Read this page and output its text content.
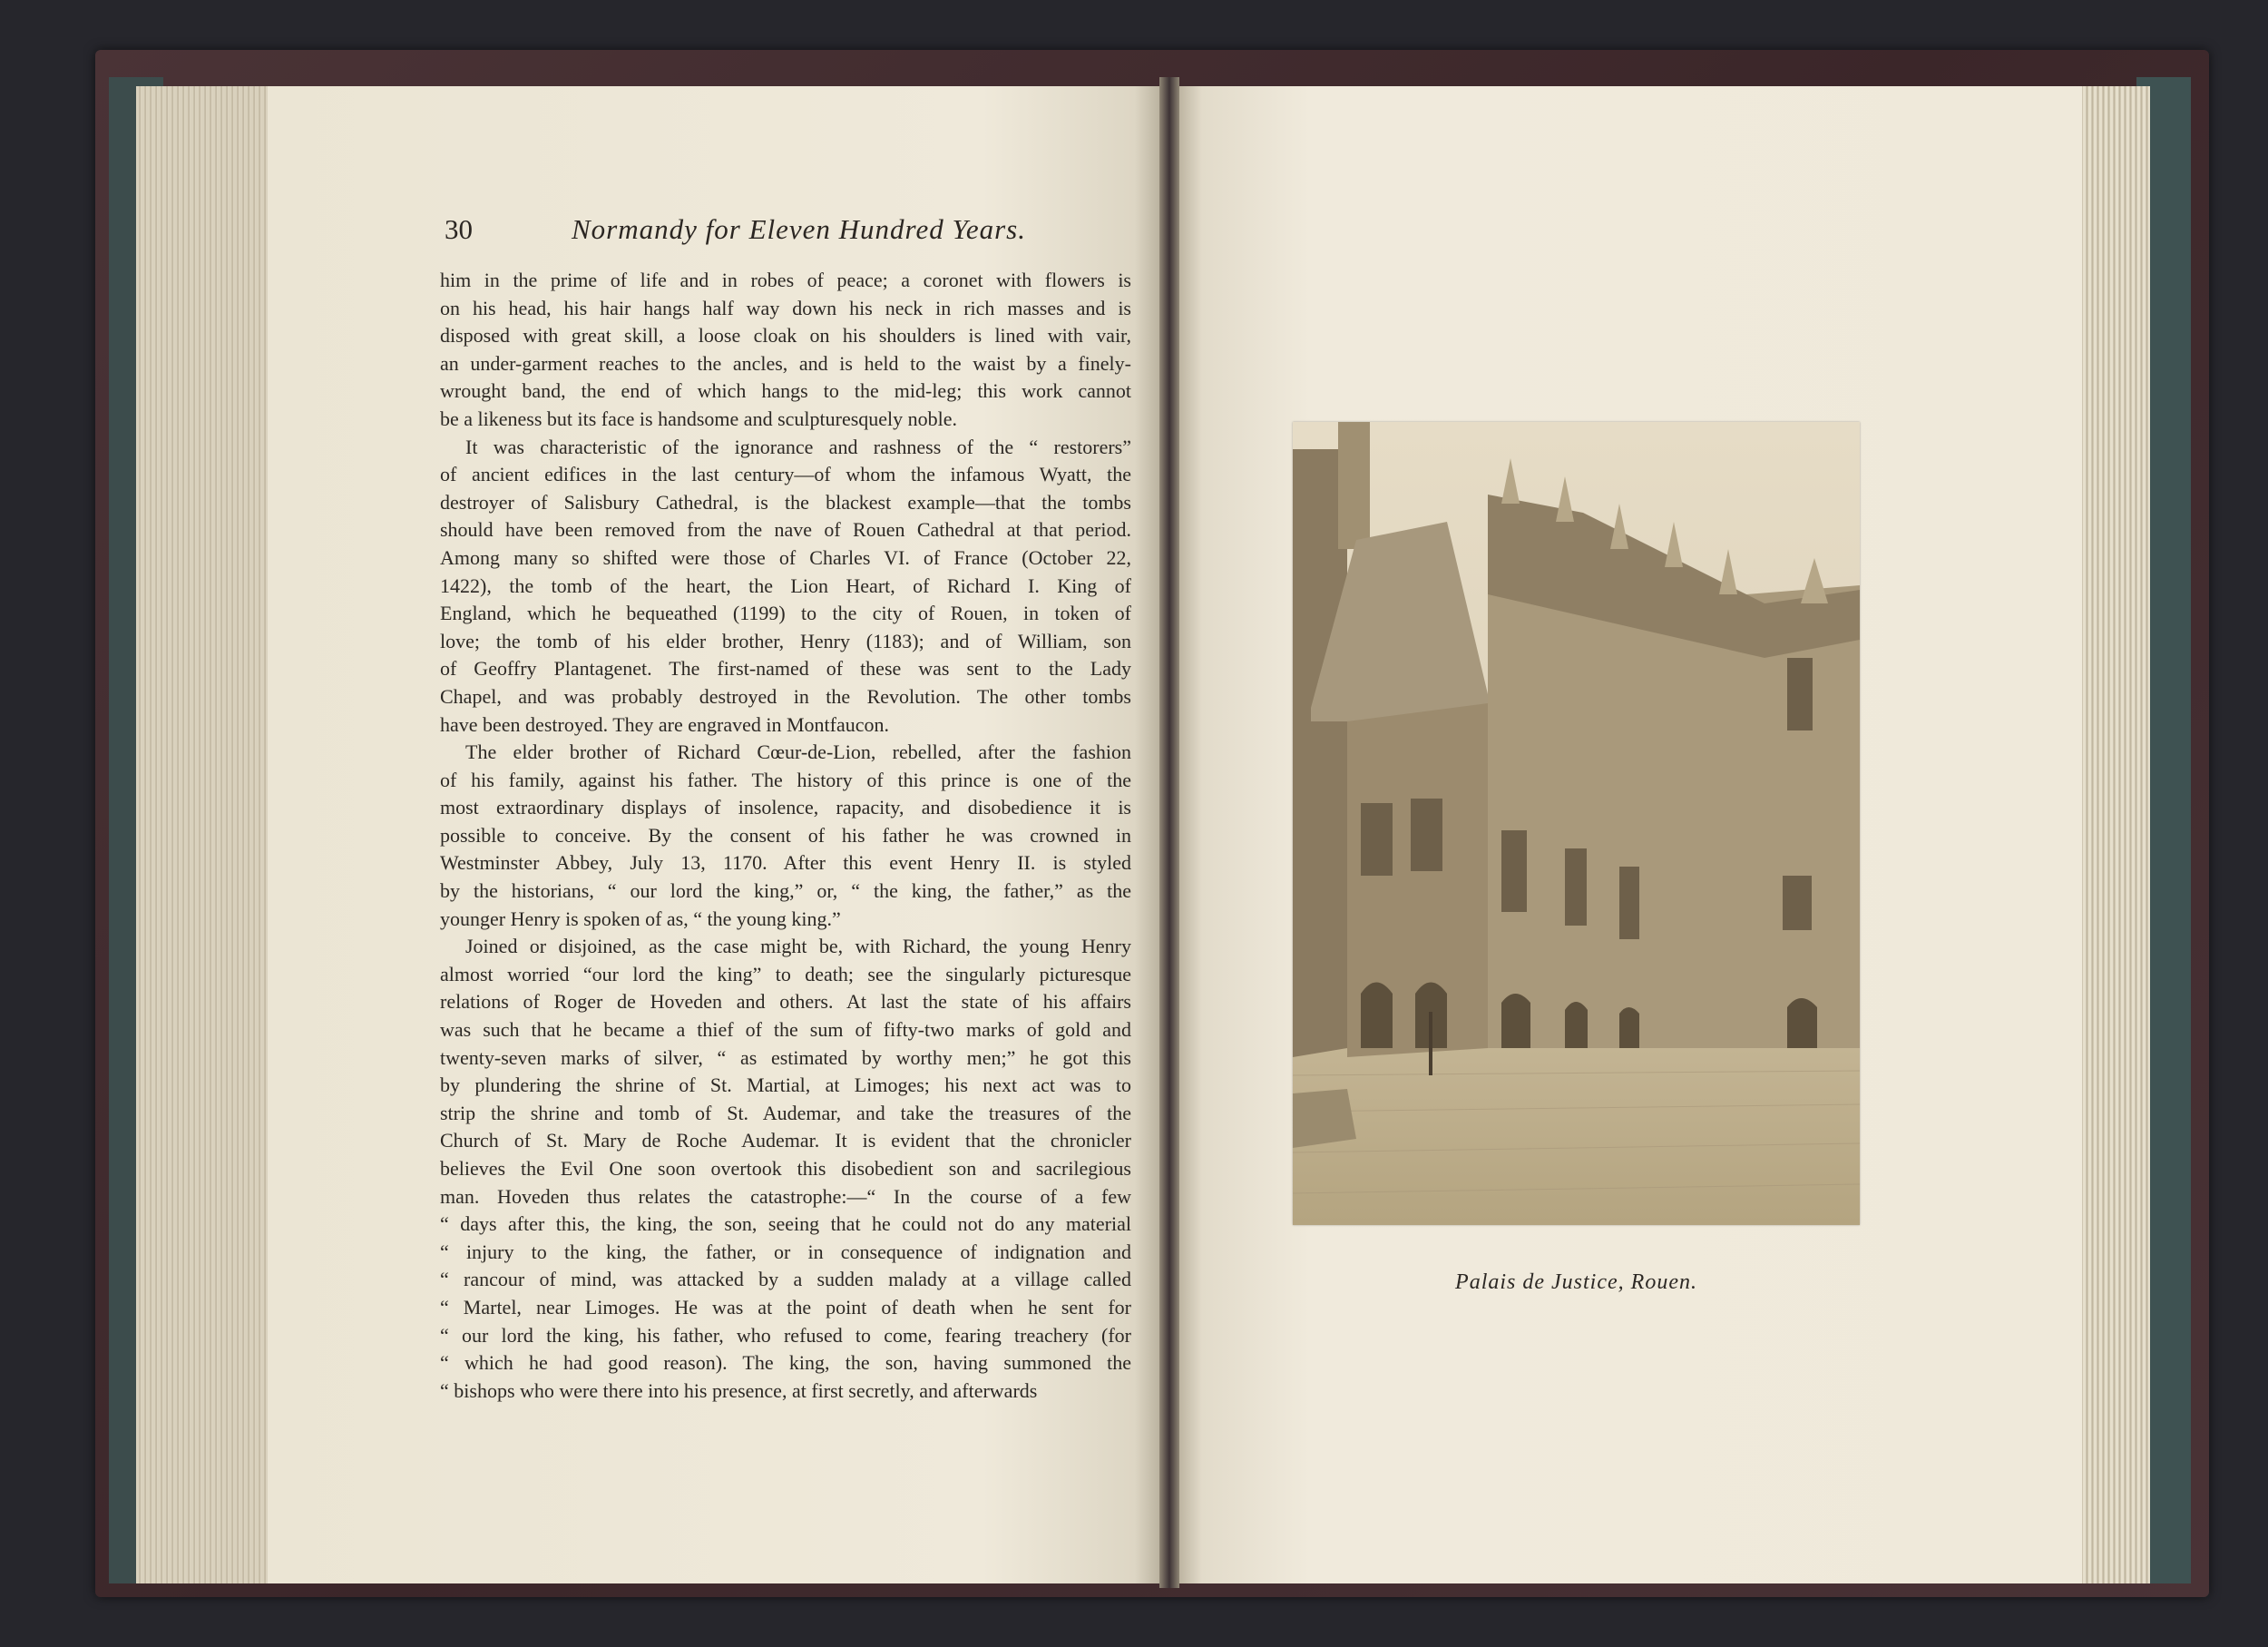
30	Normandy for Eleven Hundred Years.
him in the prime of life and in robes of peace; a coronet with flowers is
on his head, his hair hangs half way down his neck in rich masses and is
disposed with great skill, a loose cloak on his shoulders is lined with vair,
an under-garment reaches to the ancles, and is held to the waist by a finely-
wrought band, the end of which hangs to the mid-leg; this work cannot
be a likeness but its face is handsome and sculpturesquely noble.
It was characteristic of the ignorance and rashness of the “ restorers”
of ancient edifices in the last century—of whom the infamous Wyatt, the
destroyer of Salisbury Cathedral, is the blackest example—that the tombs
should have been removed from the nave of Rouen Cathedral at that period.
Among many so shifted were those of Charles VI. of France (October 22,
1422), the tomb of the heart, the Lion Heart, of Richard I. King of
England, which he bequeathed (1199) to the city of Rouen, in token of
love; the tomb of his elder brother, Henry (1183); and of William, son
of Geoffry Plantagenet. The first-named of these was sent to the Lady
Chapel, and was probably destroyed in the Revolution. The other tombs
have been destroyed. They are engraved in Montfaucon.
The elder brother of Richard Cœur-de-Lion, rebelled, after the fashion
of his family, against his father. The history of this prince is one of the
most extraordinary displays of insolence, rapacity, and disobedience it is
possible to conceive. By the consent of his father he was crowned in
Westminster Abbey, July 13, 1170. After this event Henry II. is styled
by the historians, “ our lord the king,” or, “ the king, the father,” as the
younger Henry is spoken of as, “ the young king.”
Joined or disjoined, as the case might be, with Richard, the young Henry
almost worried “our lord the king” to death; see the singularly picturesque
relations of Roger de Hoveden and others. At last the state of his affairs
was such that he became a thief of the sum of fifty-two marks of gold and
twenty-seven marks of silver, “ as estimated by worthy men;” he got this
by plundering the shrine of St. Martial, at Limoges; his next act was to
strip the shrine and tomb of St. Audemar, and take the treasures of the
Church of St. Mary de Roche Audemar. It is evident that the chronicler
believes the Evil One soon overtook this disobedient son and sacrilegious
man. Hoveden thus relates the catastrophe:—“ In the course of a few
“ days after this, the king, the son, seeing that he could not do any material
“ injury to the king, the father, or in consequence of indignation and
“ rancour of mind, was attacked by a sudden malady at a village called
“ Martel, near Limoges. He was at the point of death when he sent for
“ our lord the king, his father, who refused to come, fearing treachery (for
“ which he had good reason). The king, the son, having summoned the
“ bishops who were there into his presence, at first secretly, and afterwards
Palais de Justice, Rouen.
